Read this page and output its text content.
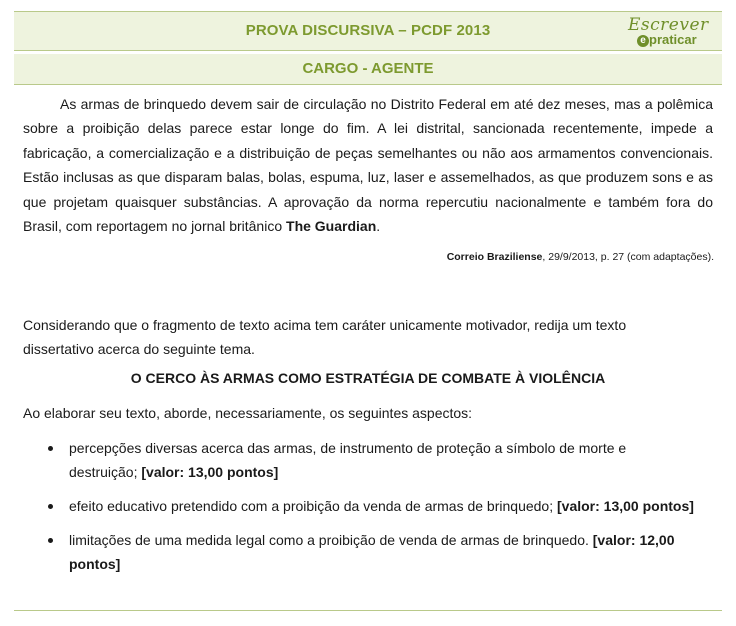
PROVA DISCURSIVA – PCDF 2013	Escrever
e praticar
CARGO - AGENTE
As armas de brinquedo devem sair de circulação no Distrito Federal em até dez meses, mas a polêmica sobre a proibição delas parece estar longe do fim. A lei distrital, sancionada recentemente, impede a fabricação, a comercialização e a distribuição de peças semelhantes ou não aos armamentos convencionais. Estão inclusas as que disparam balas, bolas, espuma, luz, laser e assemelhados, as que produzem sons e as que projetam quaisquer substâncias. A aprovação da norma repercutiu nacionalmente e também fora do Brasil, com reportagem no jornal britânico The Guardian.
Correio Braziliense, 29/9/2013, p. 27 (com adaptações).
Considerando que o fragmento de texto acima tem caráter unicamente motivador, redija um texto dissertativo acerca do seguinte tema.
O CERCO ÀS ARMAS COMO ESTRATÉGIA DE COMBATE À VIOLÊNCIA
Ao elaborar seu texto, aborde, necessariamente, os seguintes aspectos:
percepções diversas acerca das armas, de instrumento de proteção a símbolo de morte e destruição; [valor: 13,00 pontos]
efeito educativo pretendido com a proibição da venda de armas de brinquedo; [valor: 13,00 pontos]
limitações de uma medida legal como a proibição de venda de armas de brinquedo. [valor: 12,00 pontos]
